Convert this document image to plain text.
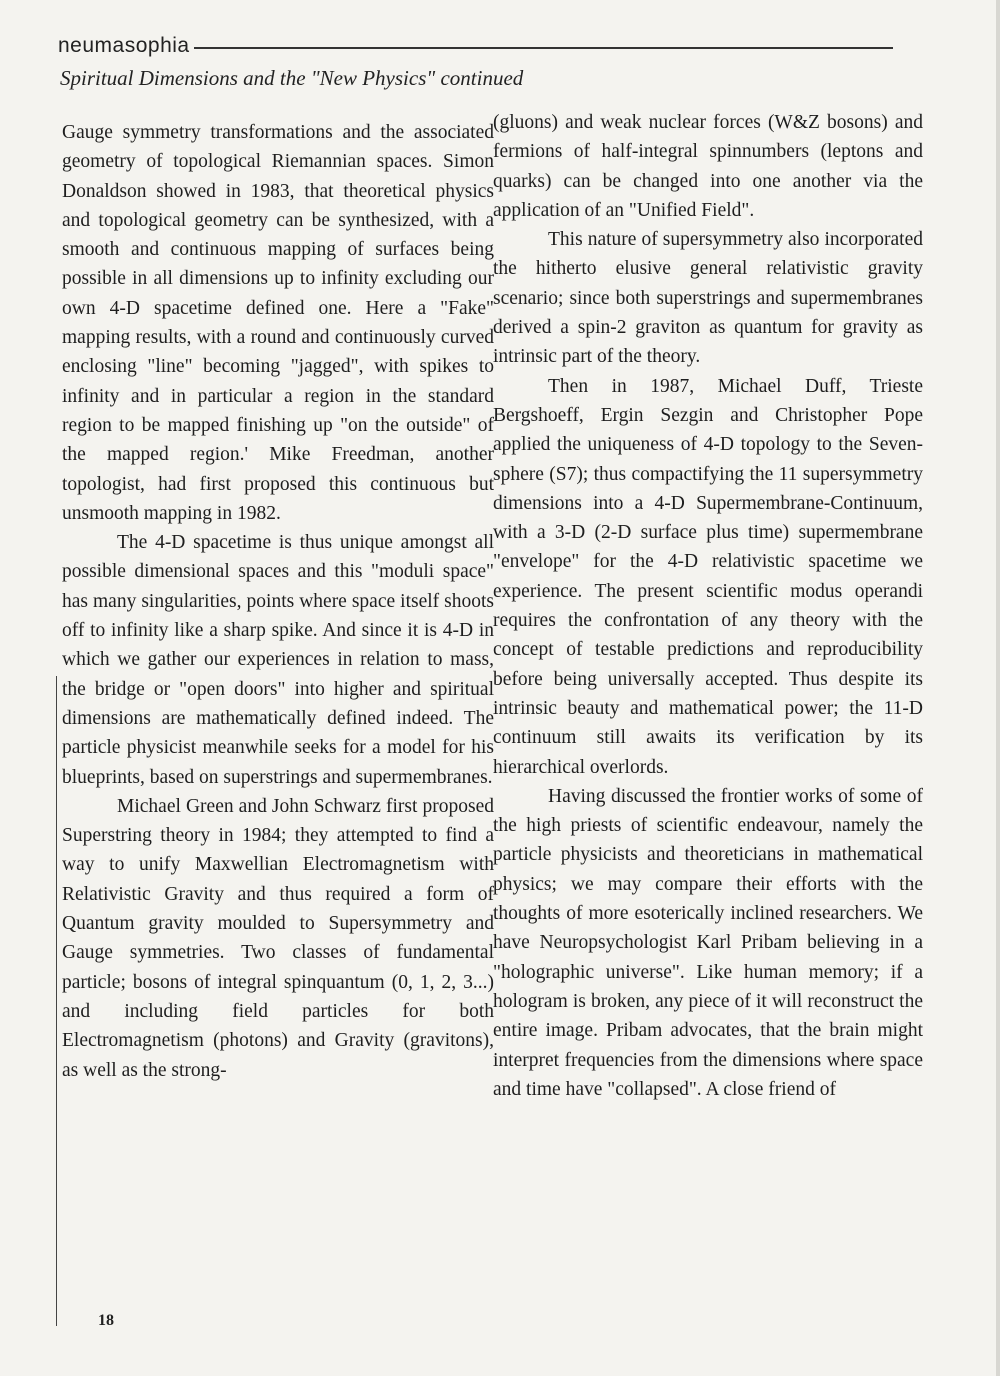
neumasophia
Spiritual Dimensions and the "New Physics" continued

Gauge symmetry transformations and the associated geometry of topological Riemannian spaces. Simon Donaldson showed in 1983, that theoretical physics and topological geometry can be synthesized, with a smooth and continuous mapping of surfaces being possible in all dimensions up to infinity excluding our own 4-D spacetime defined one. Here a "Fake" mapping results, with a round and continuously curved enclosing "line" becoming "jagged", with spikes to infinity and in particular a region in the standard region to be mapped finishing up "on the outside" of the mapped region.' Mike Freedman, another topologist, had first proposed this continuous but unsmooth mapping in 1982.

The 4-D spacetime is thus unique amongst all possible dimensional spaces and this "moduli space" has many singularities, points where space itself shoots off to infinity like a sharp spike. And since it is 4-D in which we gather our experiences in relation to mass, the bridge or "open doors" into higher and spiritual dimensions are mathematically defined indeed. The particle physicist meanwhile seeks for a model for his blueprints, based on superstrings and supermembranes.

Michael Green and John Schwarz first proposed Superstring theory in 1984; they attempted to find a way to unify Maxwellian Electromagnetism with Relativistic Gravity and thus required a form of Quantum gravity moulded to Supersymmetry and Gauge symmetries. Two classes of fundamental particle; bosons of integral spinquantum (0, 1, 2, 3...) and including field particles for both Electromagnetism (photons) and Gravity (gravitons), as well as the strong-

(gluons) and weak nuclear forces (W&Z bosons) and fermions of half-integral spinnumbers (leptons and quarks) can be changed into one another via the application of an "Unified Field".

This nature of supersymmetry also incorporated the hitherto elusive general relativistic gravity scenario; since both superstrings and supermembranes derived a spin-2 graviton as quantum for gravity as intrinsic part of the theory.

Then in 1987, Michael Duff, Trieste Bergshoeff, Ergin Sezgin and Christopher Pope applied the uniqueness of 4-D topology to the Seven-sphere (S7); thus compactifying the 11 supersymmetry dimensions into a 4-D Supermembrane-Continuum, with a 3-D (2-D surface plus time) supermembrane "envelope" for the 4-D relativistic spacetime we experience. The present scientific modus operandi requires the confrontation of any theory with the concept of testable predictions and reproducibility before being universally accepted. Thus despite its intrinsic beauty and mathematical power; the 11-D continuum still awaits its verification by its hierarchical overlords.

Having discussed the frontier works of some of the high priests of scientific endeavour, namely the particle physicists and theoreticians in mathematical physics; we may compare their efforts with the thoughts of more esoterically inclined researchers. We have Neuropsychologist Karl Pribam believing in a "holographic universe". Like human memory; if a hologram is broken, any piece of it will reconstruct the entire image. Pribam advocates, that the brain might interpret frequencies from the dimensions where space and time have "collapsed". A close friend of

18
